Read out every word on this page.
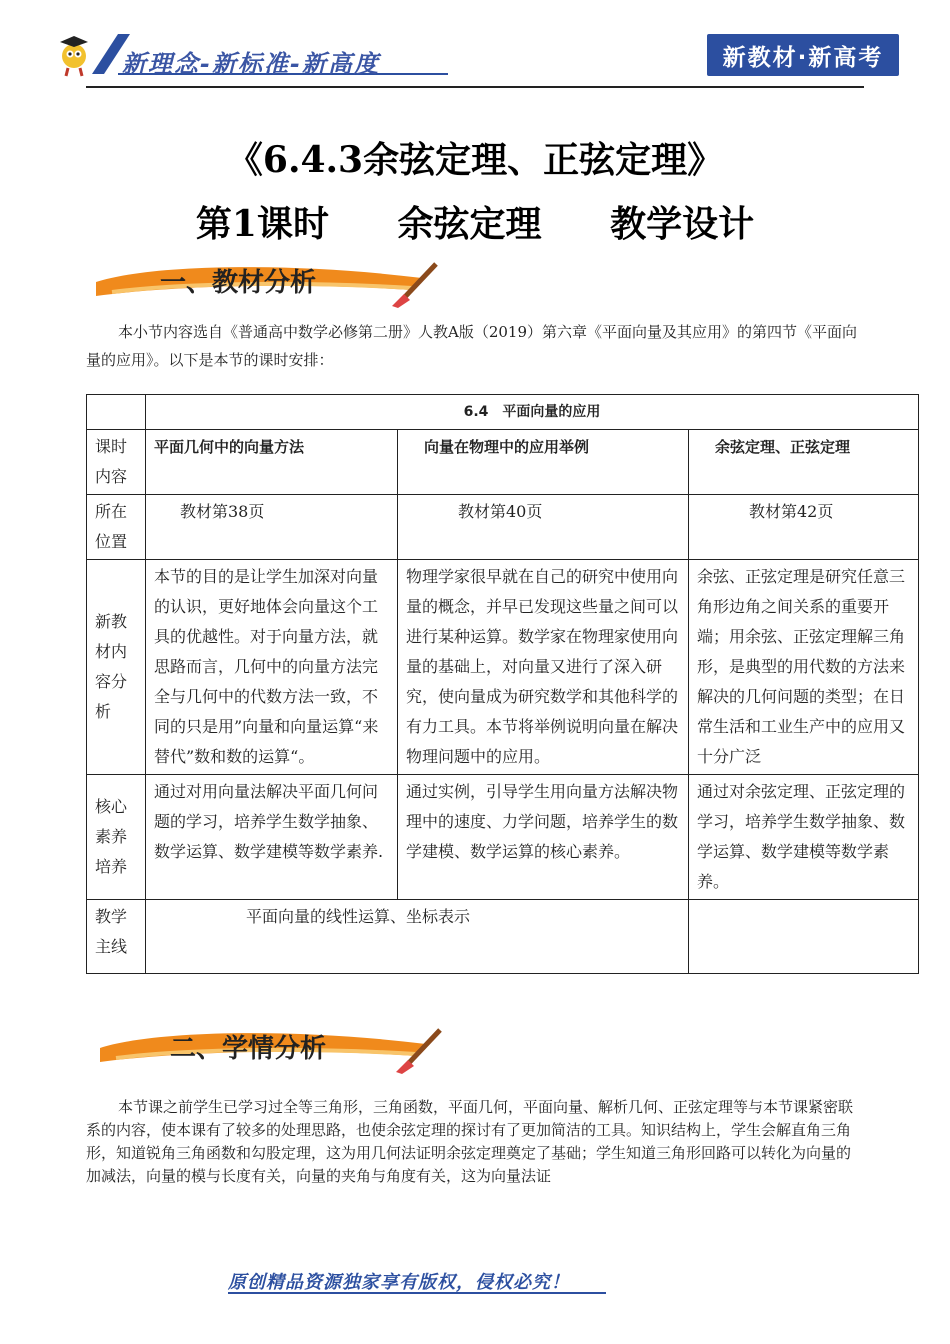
新理念-新标准-新高度	新教材·新高考
《6.4.3余弦定理、正弦定理》
第1课时 余弦定理 教学设计
一、教材分析
本小节内容选自《普通高中数学必修第二册》人教A版（2019）第六章《平面向量及其应用》的第四节《平面向量的应用》。以下是本节的课时安排：
	6.4　平面向量的应用		
课时内容	平面几何中的向量方法	向量在物理中的应用举例	余弦定理、正弦定理
所在位置	教材第38页	教材第40页	教材第42页
新教材内容分析	本节的目的是让学生加深对向量的认识，更好地体会向量这个工具的优越性。对于向量方法，就思路而言，几何中的向量方法完全与几何中的代数方法一致，不同的只是用”向量和向量运算“来替代”数和数的运算“。	物理学家很早就在自己的研究中使用向量的概念，并早已发现这些量之间可以进行某种运算。数学家在物理家使用向量的基础上，对向量又进行了深入研究，使向量成为研究数学和其他科学的有力工具。本节将举例说明向量在解决物理问题中的应用。	余弦、正弦定理是研究任意三角形边角之间关系的重要开端；用余弦、正弦定理解三角形，是典型的用代数的方法来解决的几何问题的类型；在日常生活和工业生产中的应用又十分广泛
核心素养培养	通过对用向量法解决平面几何问题的学习，培养学生数学抽象、数学运算、数学建模等数学素养.	通过实例，引导学生用向量方法解决物理中的速度、力学问题，培养学生的数学建模、数学运算的核心素养。	通过对余弦定理、正弦定理的学习，培养学生数学抽象、数学运算、数学建模等数学素养。
教学主线	平面向量的线性运算、坐标表示		
二、学情分析
本节课之前学生已学习过全等三角形，三角函数，平面几何，平面向量、解析几何、正弦定理等与本节课紧密联系的内容，使本课有了较多的处理思路，也使余弦定理的探讨有了更加简洁的工具。知识结构上，学生会解直角三角形，知道锐角三角函数和勾股定理，这为用几何法证明余弦定理奠定了基础；学生知道三角形回路可以转化为向量的加减法，向量的模与长度有关，向量的夹角与角度有关，这为向量法证
原创精品资源独家享有版权，侵权必究！
